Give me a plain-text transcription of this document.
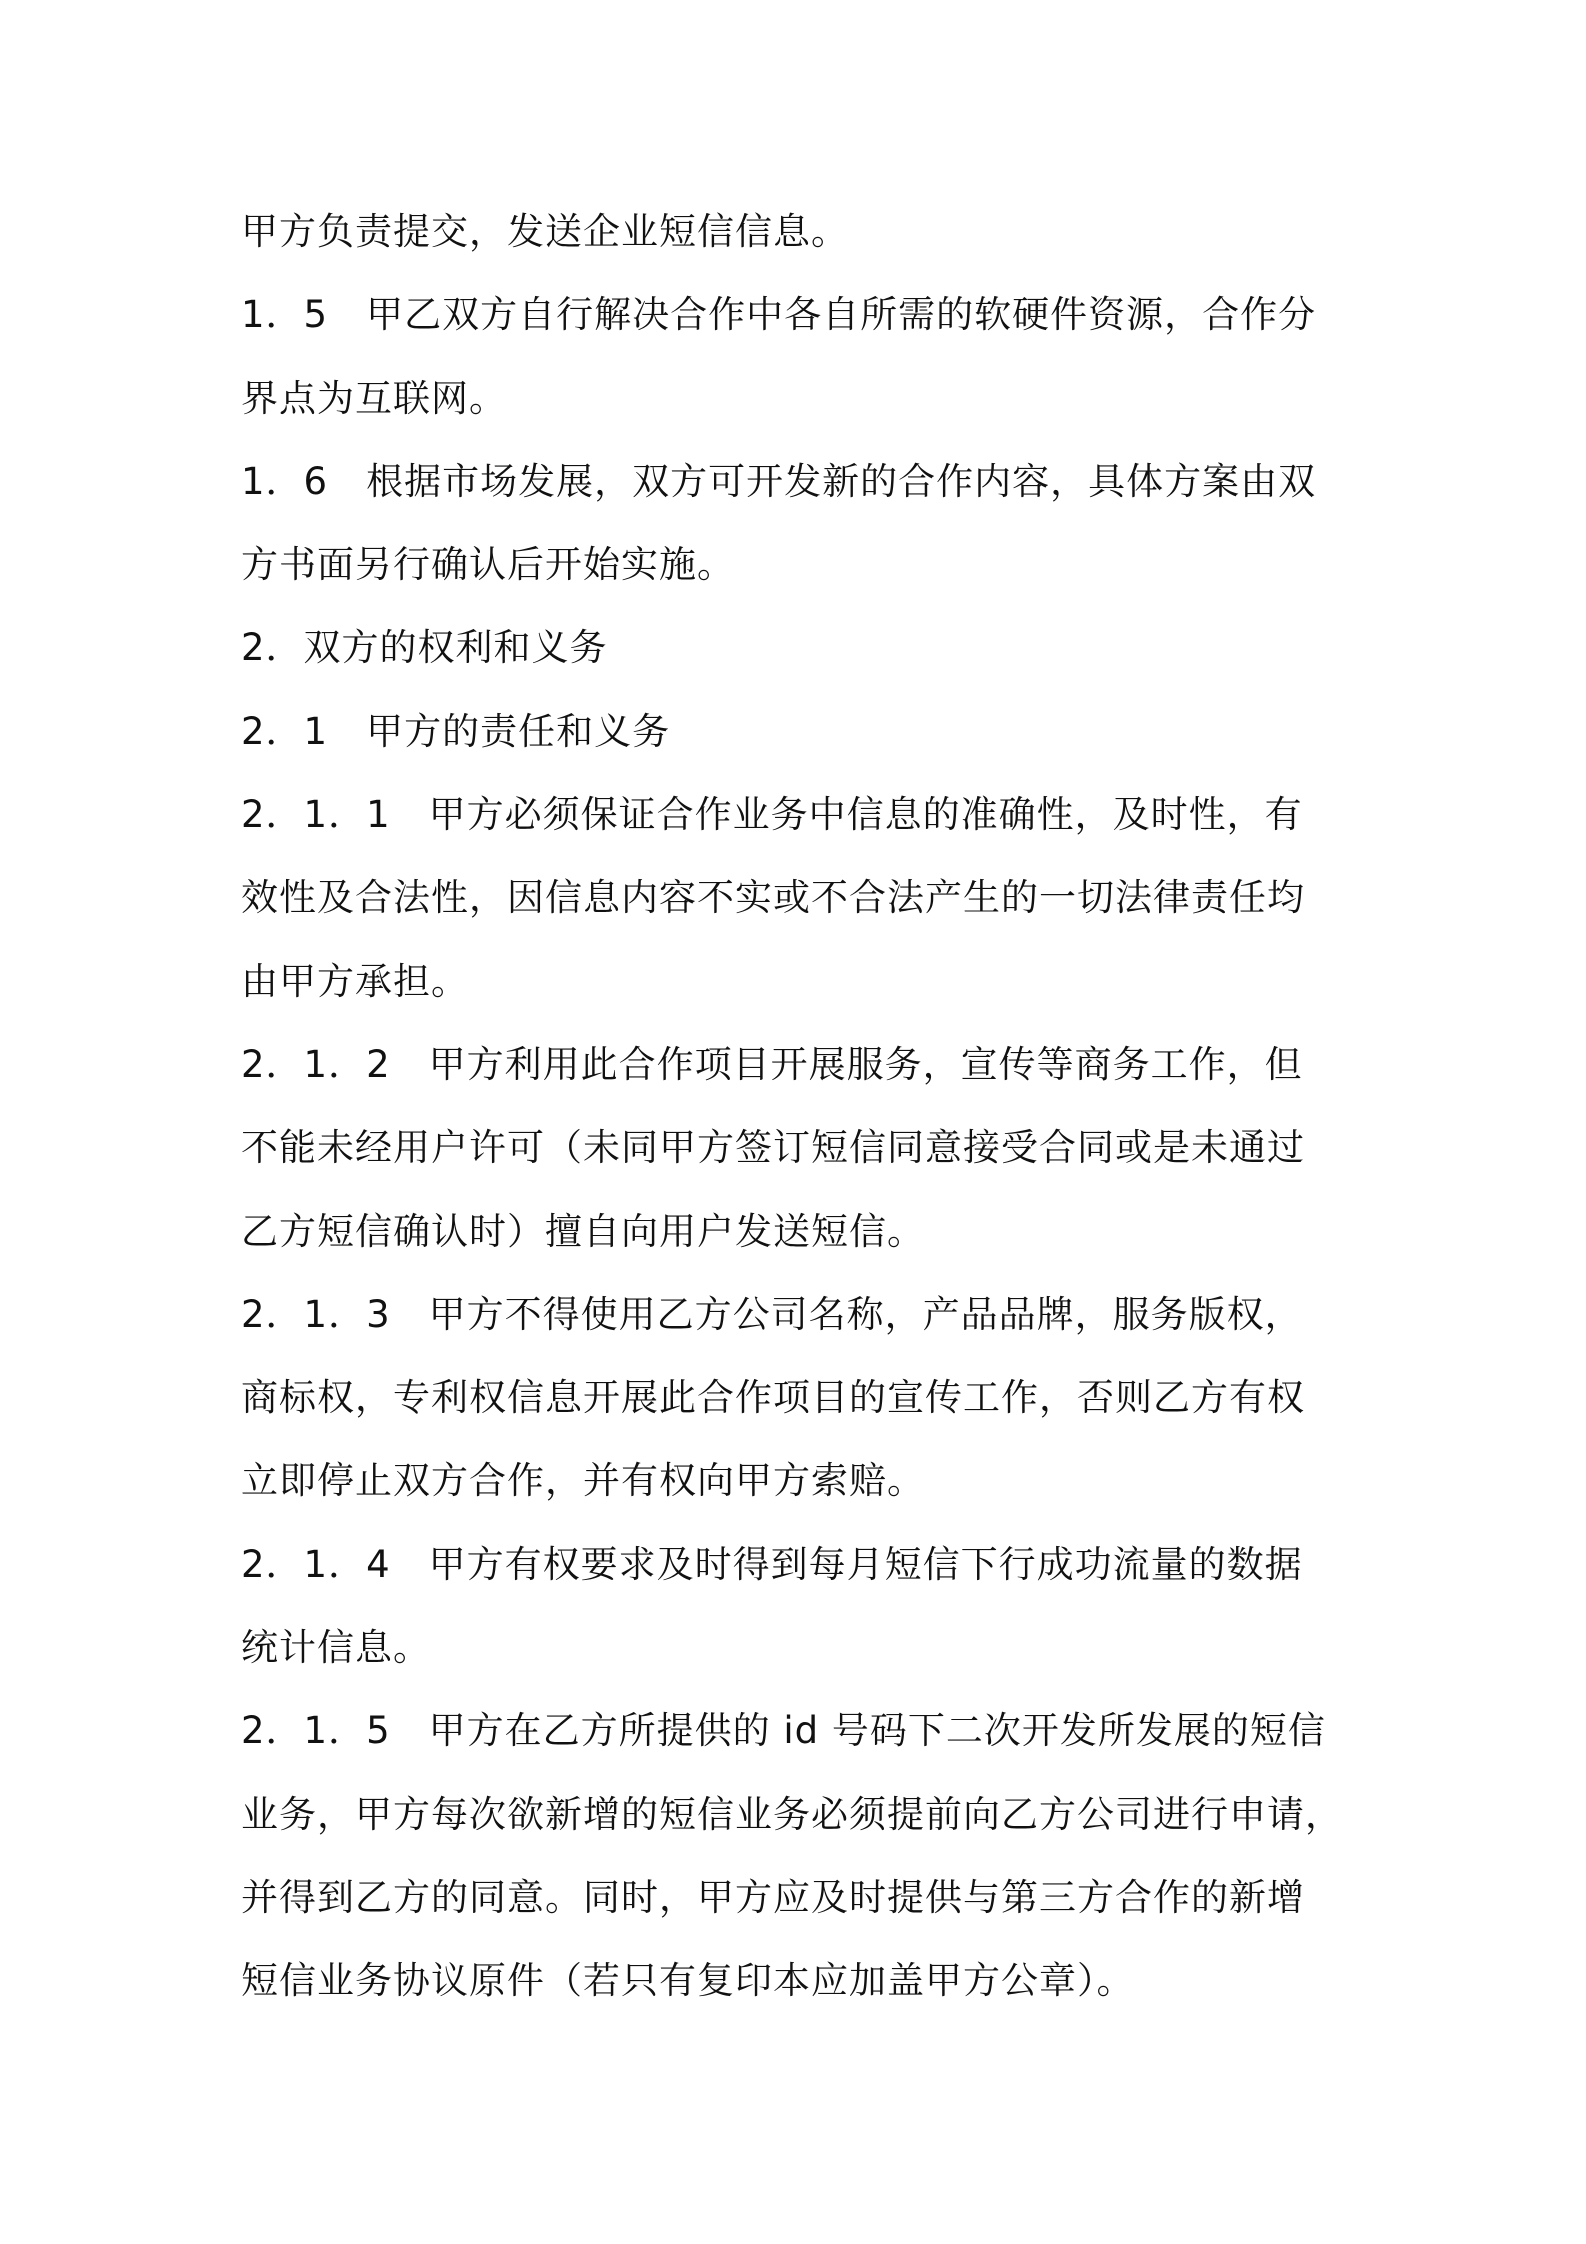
甲方负责提交，发送企业短信信息。
1．5　甲乙双方自行解决合作中各自所需的软硬件资源，合作分
界点为互联网。
1．6　根据市场发展，双方可开发新的合作内容，具体方案由双
方书面另行确认后开始实施。
2．双方的权利和义务
2．1　甲方的责任和义务
2．1．1　甲方必须保证合作业务中信息的准确性，及时性，有
效性及合法性，因信息内容不实或不合法产生的一切法律责任均
由甲方承担。
2．1．2　甲方利用此合作项目开展服务，宣传等商务工作，但
不能未经用户许可（未同甲方签订短信同意接受合同或是未通过
乙方短信确认时）擅自向用户发送短信。
2．1．3　甲方不得使用乙方公司名称，产品品牌，服务版权，
商标权，专利权信息开展此合作项目的宣传工作，否则乙方有权
立即停止双方合作，并有权向甲方索赔。
2．1．4　甲方有权要求及时得到每月短信下行成功流量的数据
统计信息。
2．1．5　甲方在乙方所提供的 id 号码下二次开发所发展的短信
业务，甲方每次欲新增的短信业务必须提前向乙方公司进行申请，
并得到乙方的同意。同时，甲方应及时提供与第三方合作的新增
短信业务协议原件（若只有复印本应加盖甲方公章）。
